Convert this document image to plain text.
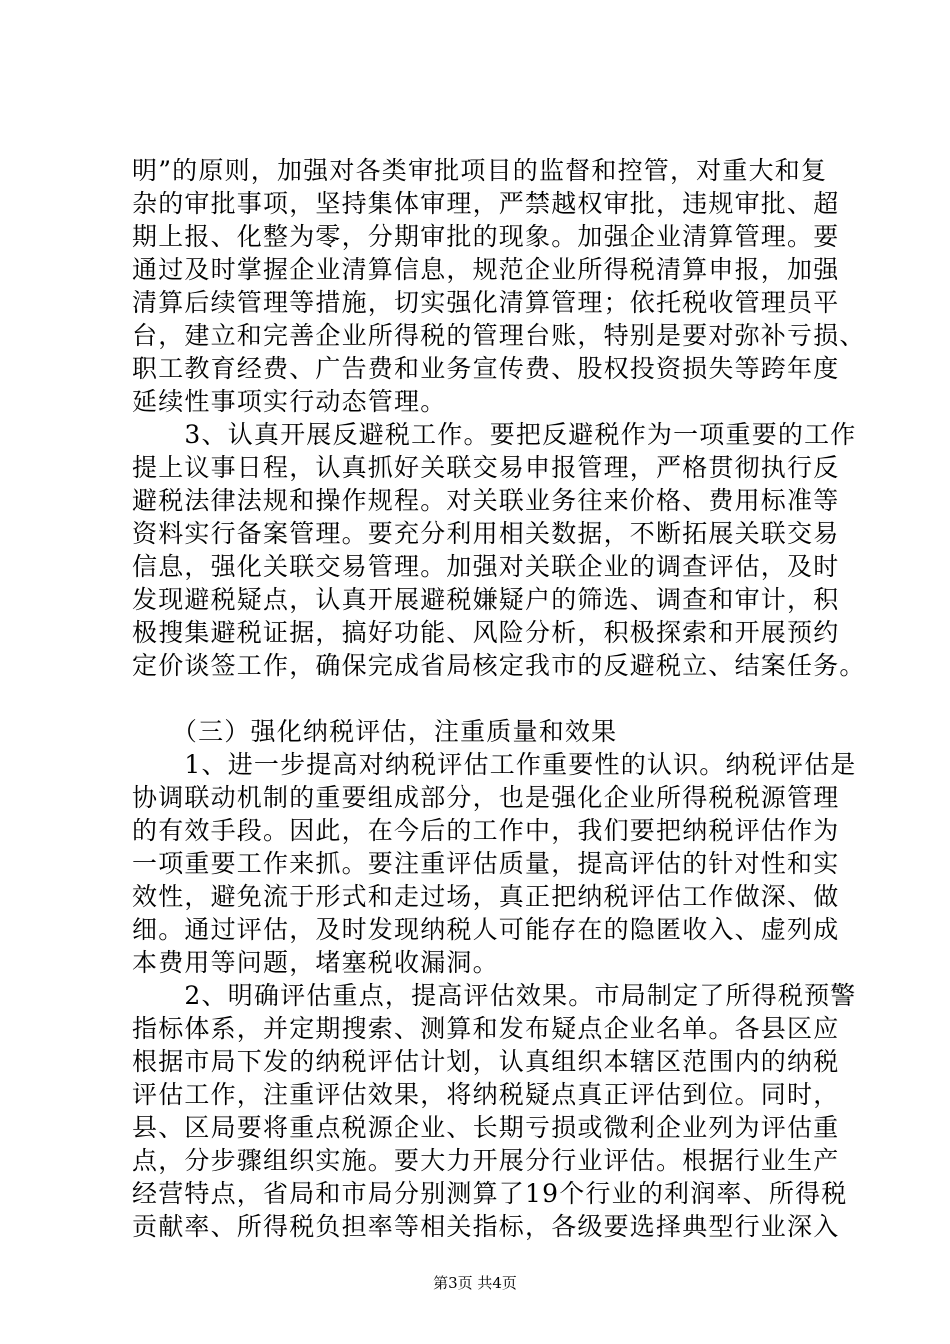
明”的原则，加强对各类审批项目的监督和控管，对重大和复
杂的审批事项，坚持集体审理，严禁越权审批，违规审批、超
期上报、化整为零，分期审批的现象。加强企业清算管理。要
通过及时掌握企业清算信息，规范企业所得税清算申报，加强
清算后续管理等措施，切实强化清算管理；依托税收管理员平
台，建立和完善企业所得税的管理台账，特别是要对弥补亏损、
职工教育经费、广告费和业务宣传费、股权投资损失等跨年度
延续性事项实行动态管理。
　　3、认真开展反避税工作。要把反避税作为一项重要的工作
提上议事日程，认真抓好关联交易申报管理，严格贯彻执行反
避税法律法规和操作规程。对关联业务往来价格、费用标准等
资料实行备案管理。要充分利用相关数据，不断拓展关联交易
信息，强化关联交易管理。加强对关联企业的调查评估，及时
发现避税疑点，认真开展避税嫌疑户的筛选、调查和审计，积
极搜集避税证据，搞好功能、风险分析，积极探索和开展预约
定价谈签工作，确保完成省局核定我市的反避税立、结案任务。
　　（三）强化纳税评估，注重质量和效果
　　1、进一步提高对纳税评估工作重要性的认识。纳税评估是
协调联动机制的重要组成部分，也是强化企业所得税税源管理
的有效手段。因此，在今后的工作中，我们要把纳税评估作为
一项重要工作来抓。要注重评估质量，提高评估的针对性和实
效性，避免流于形式和走过场，真正把纳税评估工作做深、做
细。通过评估，及时发现纳税人可能存在的隐匿收入、虚列成
本费用等问题，堵塞税收漏洞。
　　2、明确评估重点，提高评估效果。市局制定了所得税预警
指标体系，并定期搜索、测算和发布疑点企业名单。各县区应
根据市局下发的纳税评估计划，认真组织本辖区范围内的纳税
评估工作，注重评估效果，将纳税疑点真正评估到位。同时，
县、区局要将重点税源企业、长期亏损或微利企业列为评估重
点，分步骤组织实施。要大力开展分行业评估。根据行业生产
经营特点，省局和市局分别测算了19个行业的利润率、所得税
贡献率、所得税负担率等相关指标，各级要选择典型行业深入
第3页 共4页
